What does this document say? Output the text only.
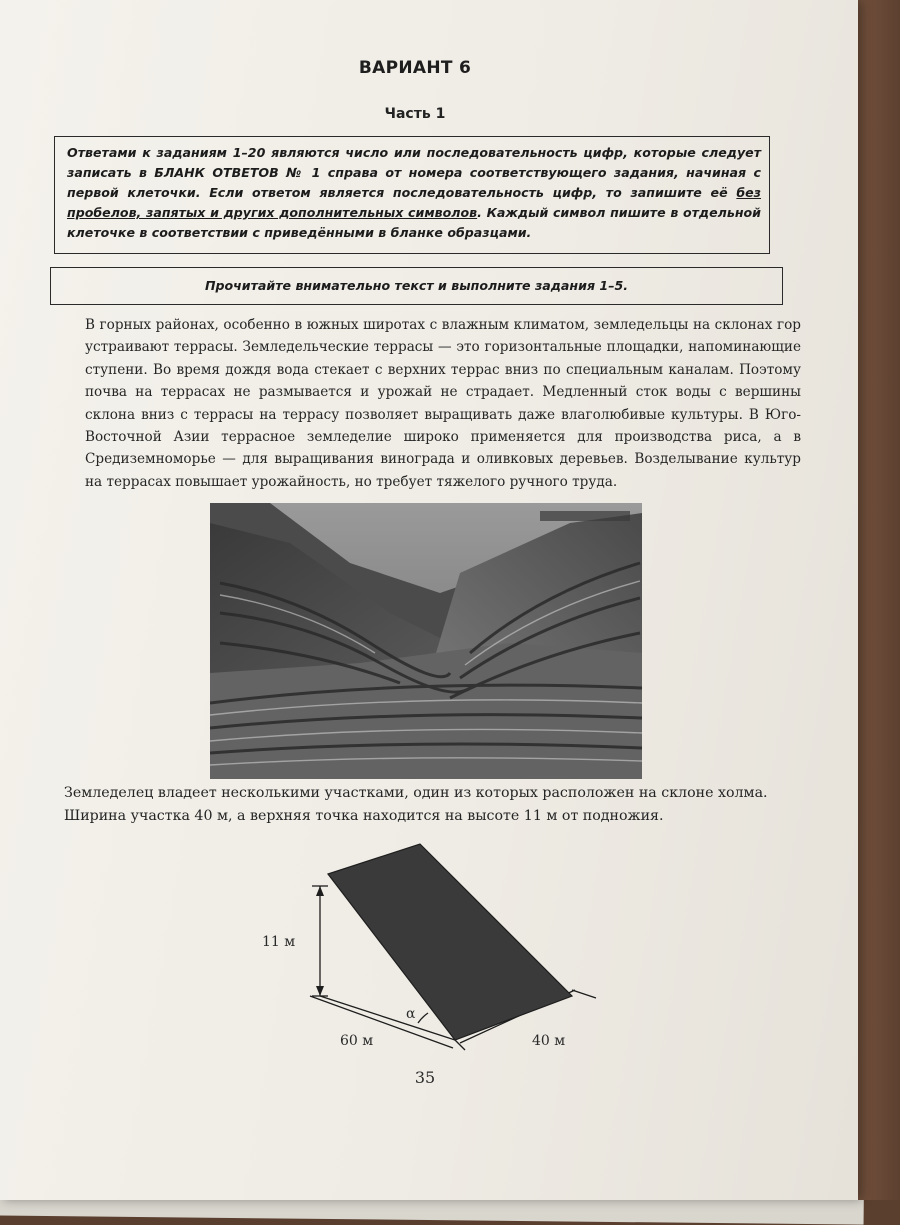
ВАРИАНТ 6
Часть 1
Ответами к заданиям 1–20 являются число или последовательность цифр, которые следует записать в БЛАНК ОТВЕТОВ № 1 справа от номера соответствующего задания, начиная с первой клеточки. Если ответом является последовательность цифр, то запишите её без пробелов, запятых и других дополнительных символов. Каждый символ пишите в отдельной клеточке в соответствии с приведёнными в бланке образцами.
Прочитайте внимательно текст и выполните задания 1–5.
В горных районах, особенно в южных широтах с влажным климатом, земледельцы на склонах гор устраивают террасы. Земледельческие террасы — это горизонтальные площадки, напоминающие ступени. Во время дождя вода стекает с верхних террас вниз по специальным каналам. Поэтому почва на террасах не размывается и урожай не страдает. Медленный сток воды с вершины склона вниз с террасы на террасу позволяет выращивать даже влаголюбивые культуры. В Юго-Восточной Азии террасное земледелие широко применяется для производства риса, а в Средиземноморье — для выращивания винограда и оливковых деревьев. Возделывание культур на террасах повышает урожайность, но требует тяжелого ручного труда.
Земледелец владеет несколькими участками, один из которых расположен на склоне холма. Ширина участка 40 м, а верхняя точка находится на высоте 11 м от подножия.
11 м
60 м	40 м
α
35
